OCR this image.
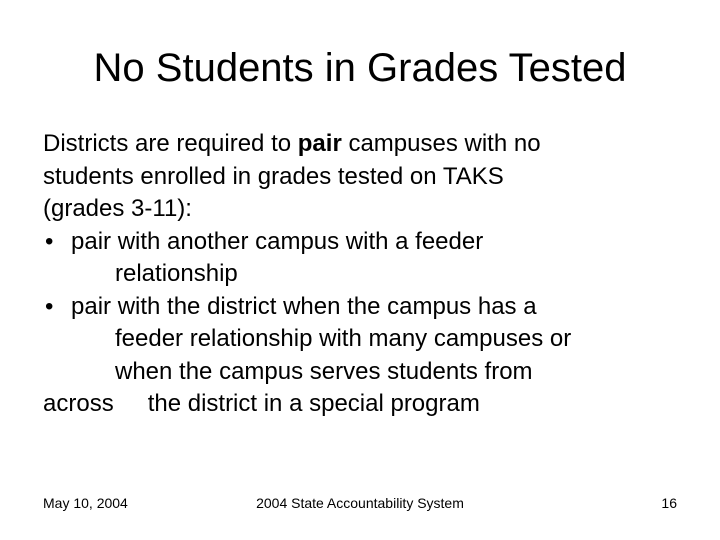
No Students in Grades Tested
Districts are required to pair campuses with no
students enrolled in grades tested on TAKS
(grades 3-11):
• pair with another campus with a feeder
relationship
• pair with the district when the campus has a
feeder relationship with many campuses or
when the campus serves students from
across the district in a special program
May 10, 2004	2004 State Accountability System	16
